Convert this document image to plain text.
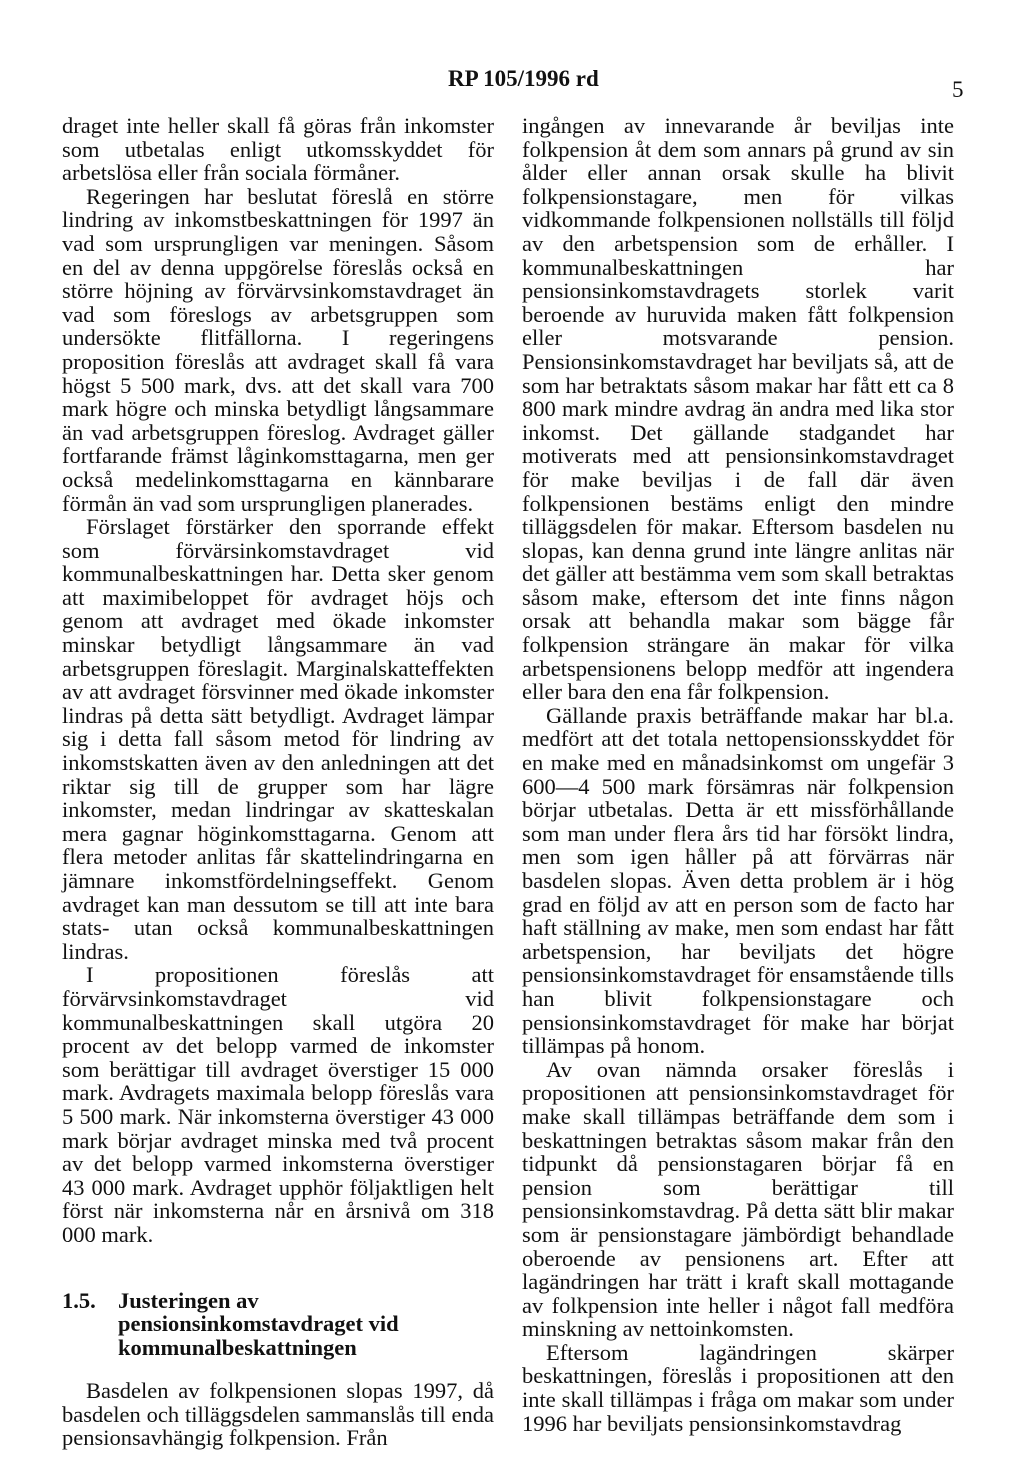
RP 105/1996 rd	5

draget inte heller skall få göras från inkomster som utbetalas enligt utkomsskyddet för arbetslösa eller från sociala förmåner.

Regeringen har beslutat föreslå en större lindring av inkomstbeskattningen för 1997 än vad som ursprungligen var meningen. Såsom en del av denna uppgörelse föreslås också en större höjning av förvärvsinkomstavdraget än vad som föreslogs av arbetsgruppen som undersökte flitfällorna. I regeringens proposition föreslås att avdraget skall få vara högst 5 500 mark, dvs. att det skall vara 700 mark högre och minska betydligt långsammare än vad arbetsgruppen föreslog. Avdraget gäller fortfarande främst låginkomsttagarna, men ger också medelinkomsttagarna en kännbarare förmån än vad som ursprungligen planerades.

Förslaget förstärker den sporrande effekt som förvärsinkomstavdraget vid kommunalbeskattningen har. Detta sker genom att maximibeloppet för avdraget höjs och genom att avdraget med ökade inkomster minskar betydligt långsammare än vad arbetsgruppen föreslagit. Marginalskatteffekten av att avdraget försvinner med ökade inkomster lindras på detta sätt betydligt. Avdraget lämpar sig i detta fall såsom metod för lindring av inkomstskatten även av den anledningen att det riktar sig till de grupper som har lägre inkomster, medan lindringar av skatteskalan mera gagnar höginkomsttagarna. Genom att flera metoder anlitas får skattelindringarna en jämnare inkomstfördelningseffekt. Genom avdraget kan man dessutom se till att inte bara stats- utan också kommunalbeskattningen lindras.

I propositionen föreslås att förvärvsinkomstavdraget vid kommunalbeskattningen skall utgöra 20 procent av det belopp varmed de inkomster som berättigar till avdraget överstiger 15 000 mark. Avdragets maximala belopp föreslås vara 5 500 mark. När inkomsterna överstiger 43 000 mark börjar avdraget minska med två procent av det belopp varmed inkomsterna överstiger 43 000 mark. Avdraget upphör följaktligen helt först när inkomsterna når en årsnivå om 318 000 mark.

1.5. Justeringen av pensionsinkomstavdraget vid kommunalbeskattningen

Basdelen av folkpensionen slopas 1997, då basdelen och tilläggsdelen sammanslås till enda pensionsavhängig folkpension. Från

ingången av innevarande år beviljas inte folkpension åt dem som annars på grund av sin ålder eller annan orsak skulle ha blivit folkpensionstagare, men för vilkas vidkommande folkpensionen nollställs till följd av den arbetspension som de erhåller. I kommunalbeskattningen har pensionsinkomstavdragets storlek varit beroende av huruvida maken fått folkpension eller motsvarande pension. Pensionsinkomstavdraget har beviljats så, att de som har betraktats såsom makar har fått ett ca 8 800 mark mindre avdrag än andra med lika stor inkomst. Det gällande stadgandet har motiverats med att pensionsinkomstavdraget för make beviljas i de fall där även folkpensionen bestäms enligt den mindre tilläggsdelen för makar. Eftersom basdelen nu slopas, kan denna grund inte längre anlitas när det gäller att bestämma vem som skall betraktas såsom make, eftersom det inte finns någon orsak att behandla makar som bägge får folkpension strängare än makar för vilka arbetspensionens belopp medför att ingendera eller bara den ena får folkpension.

Gällande praxis beträffande makar har bl.a. medfört att det totala nettopensionsskyddet för en make med en månadsinkomst om ungefär 3 600—4 500 mark försämras när folkpension börjar utbetalas. Detta är ett missförhållande som man under flera års tid har försökt lindra, men som igen håller på att förvärras när basdelen slopas. Även detta problem är i hög grad en följd av att en person som de facto har haft ställning av make, men som endast har fått arbetspension, har beviljats det högre pensionsinkomstavdraget för ensamstående tills han blivit folkpensionstagare och pensionsinkomstavdraget för make har börjat tillämpas på honom.

Av ovan nämnda orsaker föreslås i propositionen att pensionsinkomstavdraget för make skall tillämpas beträffande dem som i beskattningen betraktas såsom makar från den tidpunkt då pensionstagaren börjar få en pension som berättigar till pensionsinkomstavdrag. På detta sätt blir makar som är pensionstagare jämbördigt behandlade oberoende av pensionens art. Efter att lagändringen har trätt i kraft skall mottagande av folkpension inte heller i något fall medföra minskning av nettoinkomsten.

Eftersom lagändringen skärper beskattningen, föreslås i propositionen att den inte skall tillämpas i fråga om makar som under 1996 har beviljats pensionsinkomstavdrag
